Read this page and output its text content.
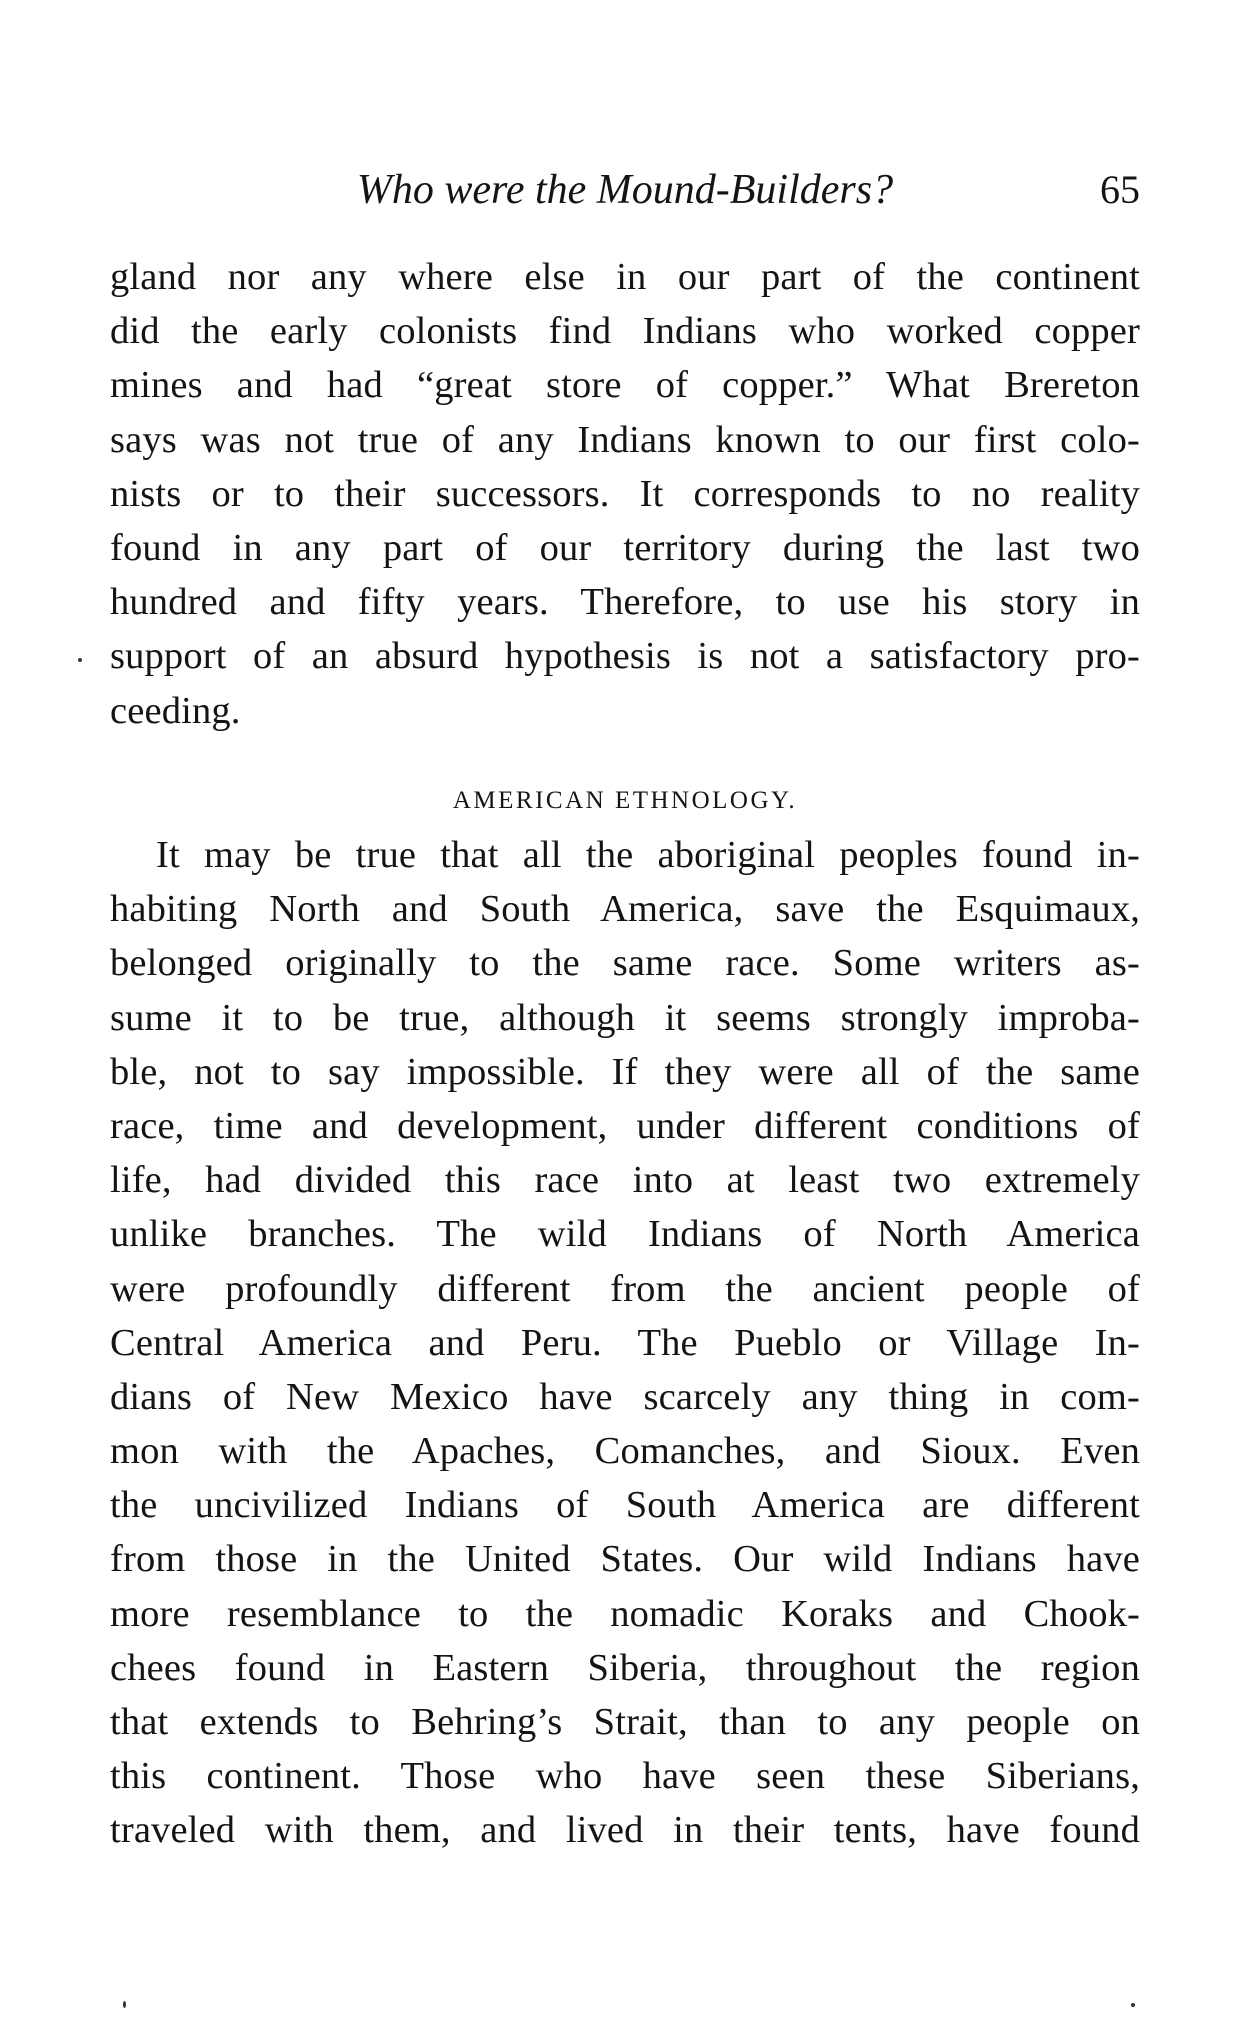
Who were the Mound-Builders?	65
gland nor any where else in our part of the continent
did the early colonists find Indians who worked copper
mines and had “great store of copper.” What Brereton
says was not true of any Indians known to our first colo-
nists or to their successors. It corresponds to no reality
found in any part of our territory during the last two
hundred and fifty years. Therefore, to use his story in
support of an absurd hypothesis is not a satisfactory pro-
ceeding.
AMERICAN ETHNOLOGY.
It may be true that all the aboriginal peoples found in-
habiting North and South America, save the Esquimaux,
belonged originally to the same race. Some writers as-
sume it to be true, although it seems strongly improba-
ble, not to say impossible. If they were all of the same
race, time and development, under different conditions of
life, had divided this race into at least two extremely
unlike branches. The wild Indians of North America
were profoundly different from the ancient people of
Central America and Peru. The Pueblo or Village In-
dians of New Mexico have scarcely any thing in com-
mon with the Apaches, Comanches, and Sioux. Even
the uncivilized Indians of South America are different
from those in the United States. Our wild Indians have
more resemblance to the nomadic Koraks and Chook-
chees found in Eastern Siberia, throughout the region
that extends to Behring’s Strait, than to any people on
this continent. Those who have seen these Siberians,
traveled with them, and lived in their tents, have found
